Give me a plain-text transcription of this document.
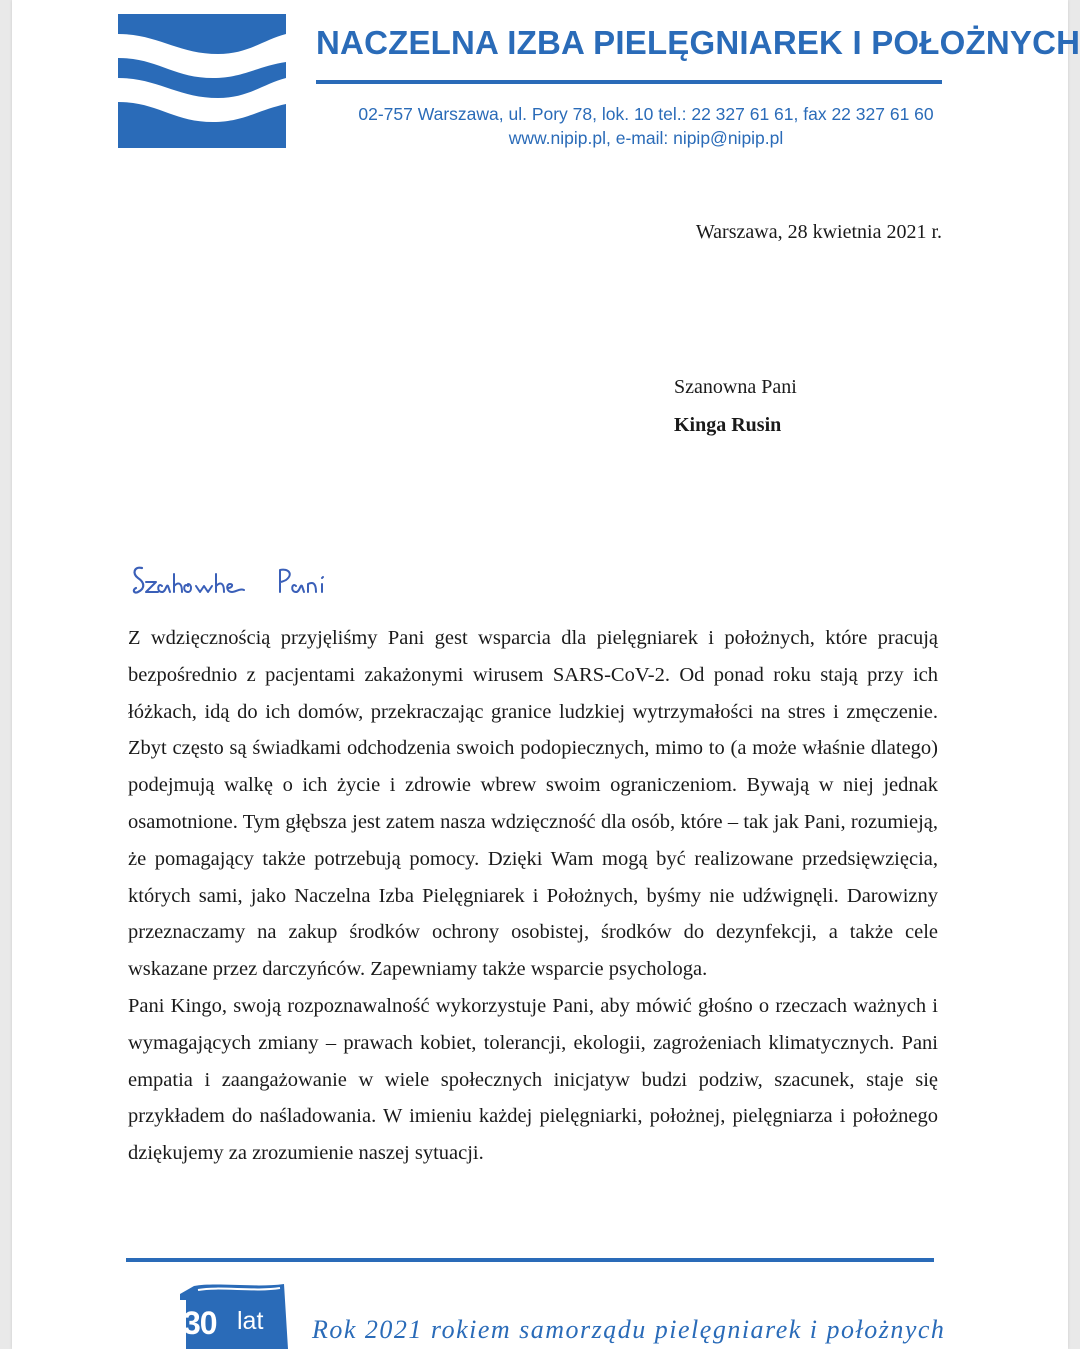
NACZELNA IZBA PIELĘGNIAREK I POŁOŻNYCH
02-757 Warszawa, ul. Pory 78, lok. 10 tel.: 22 327 61 61, fax 22 327 61 60
www.nipip.pl, e-mail: nipip@nipip.pl
Warszawa, 28 kwietnia 2021 r.
Szanowna Pani
Kinga Rusin

Z wdzięcznością przyjęliśmy Pani gest wsparcia dla pielęgniarek i położnych, które pracują bezpośrednio z pacjentami zakażonymi wirusem SARS-CoV-2. Od ponad roku stają przy ich łóżkach, idą do ich domów, przekraczając granice ludzkiej wytrzymałości na stres i zmęczenie. Zbyt często są świadkami odchodzenia swoich podopiecznych, mimo to (a może właśnie dlatego) podejmują walkę o ich życie i zdrowie wbrew swoim ograniczeniom. Bywają w niej jednak osamotnione. Tym głębsza jest zatem nasza wdzięczność dla osób, które – tak jak Pani, rozumieją, że pomagający także potrzebują pomocy. Dzięki Wam mogą być realizowane przedsięwzięcia, których sami, jako Naczelna Izba Pielęgniarek i Położnych, byśmy nie udźwignęli. Darowizny przeznaczamy na zakup środków ochrony osobistej, środków do dezynfekcji, a także cele wskazane przez darczyńców. Zapewniamy także wsparcie psychologa.

Pani Kingo, swoją rozpoznawalność wykorzystuje Pani, aby mówić głośno o rzeczach ważnych i wymagających zmiany – prawach kobiet, tolerancji, ekologii, zagrożeniach klimatycznych. Pani empatia i zaangażowanie w wiele społecznych inicjatyw budzi podziw, szacunek, staje się przykładem do naśladowania. W imieniu każdej pielęgniarki, położnej, pielęgniarza i położnego dziękujemy za zrozumienie naszej sytuacji.

30 lat Rok 2021 rokiem samorządu pielęgniarek i położnych
